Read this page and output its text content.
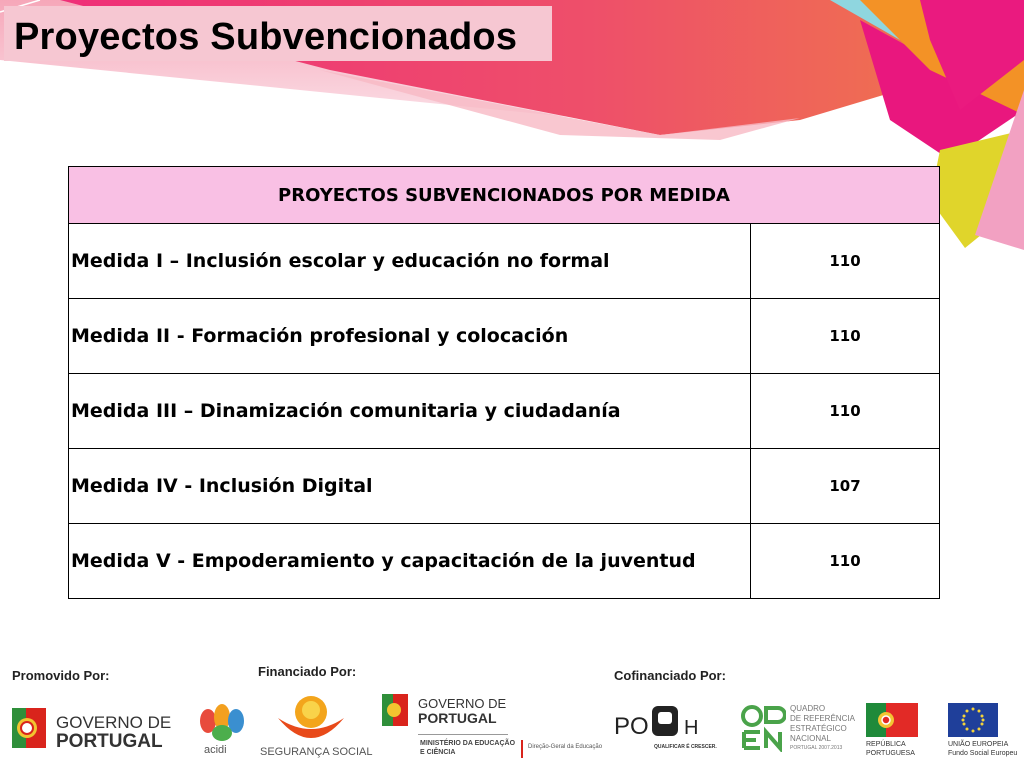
Proyectos Subvencionados
PROYECTOS SUBVENCIONADOS POR MEDIDA	
Medida I – Inclusión escolar y educación no formal	110
Medida II - Formación profesional y colocación	110
Medida III – Dinamización comunitaria y ciudadanía	110
Medida IV - Inclusión Digital	107
Medida V - Empoderamiento y capacitación de la juventud	110
Promovido Por:	Financiado Por:	Cofinanciado Por:
GOVERNO DE
PORTUGAL	acidi	SEGURANÇA SOCIAL
GOVERNO DE
PORTUGAL
MINISTÉRIO DA EDUCAÇÃO
E CIÊNCIA
Direção-Geral da Educação
PO H
QUALIFICAR É CRESCER.
QUADRO
DE REFERÊNCIA
ESTRATÉGICO
NACIONAL
PORTUGAL 2007.2013	REPÚBLICA
PORTUGUESA
UNIÃO EUROPEIA
Fundo Social Europeu
